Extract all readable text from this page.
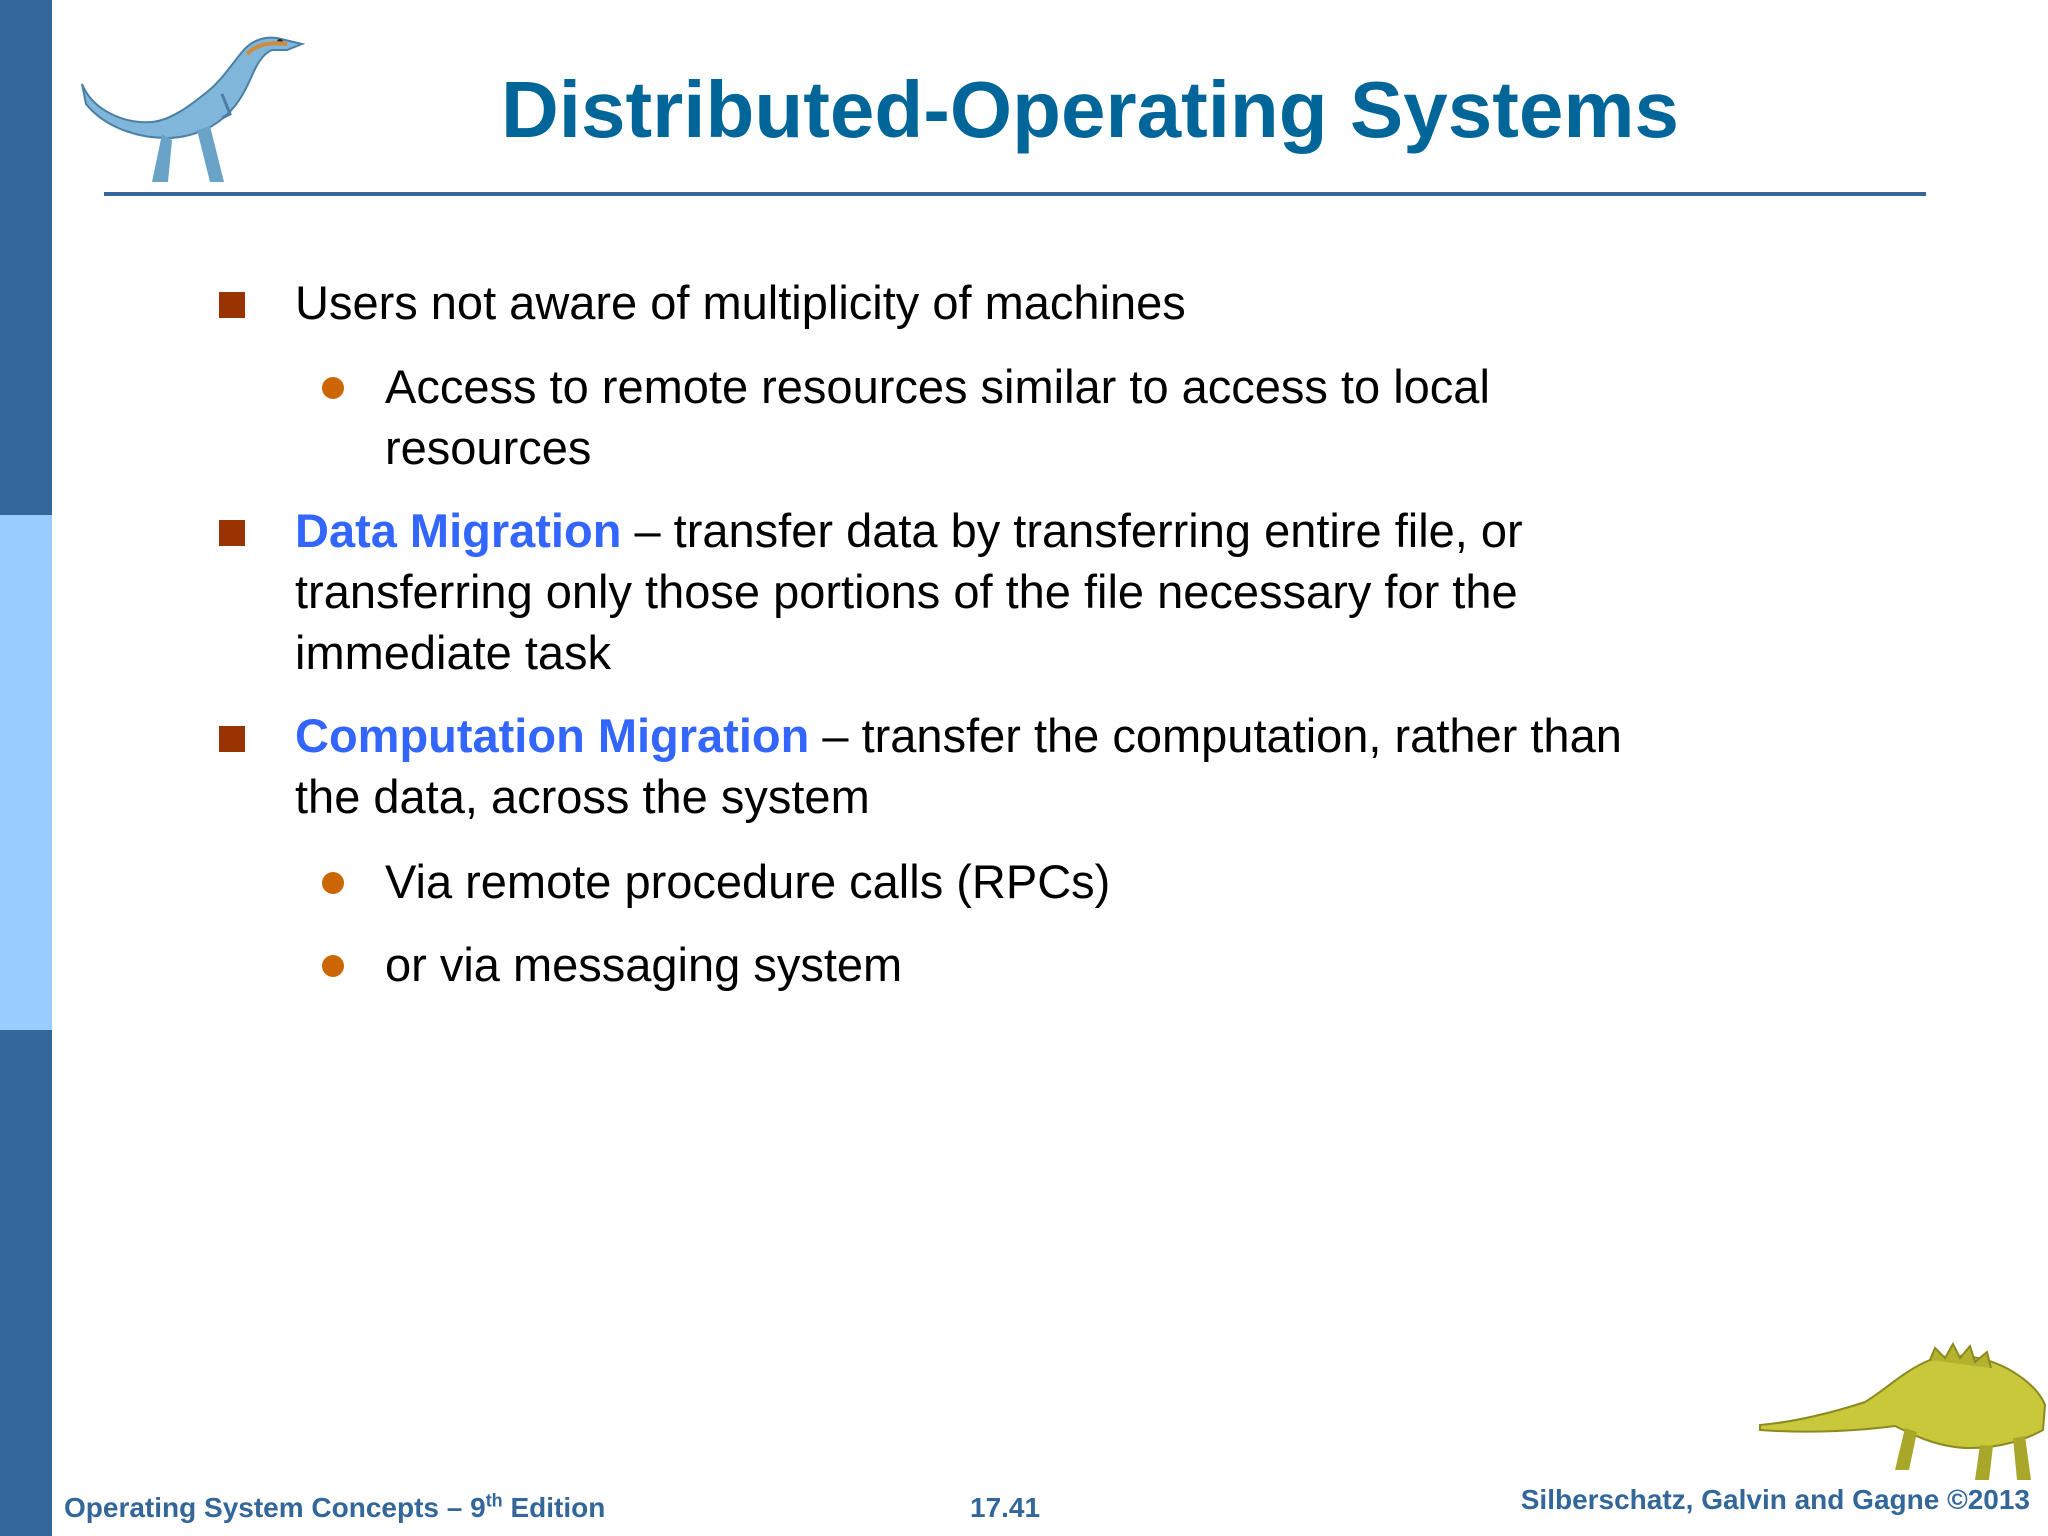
Distributed-Operating Systems
Users not aware of multiplicity of machines
Access to remote resources similar to access to local resources
Data Migration – transfer data by transferring entire file, or transferring only those portions of the file necessary for the immediate task
Computation Migration – transfer the computation, rather than the data, across the system
Via remote procedure calls (RPCs)
or via messaging system
Operating System Concepts – 9th Edition	17.41	Silberschatz, Galvin and Gagne ©2013
